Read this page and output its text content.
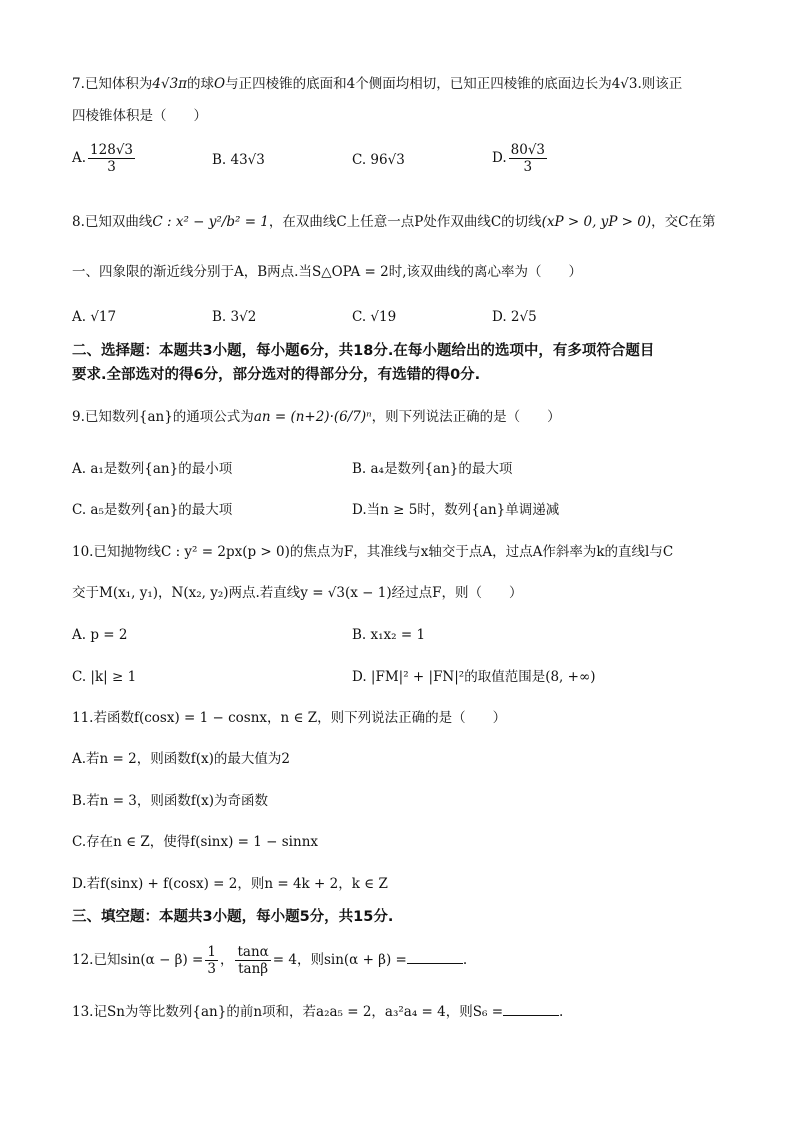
7.已知体积为4√3π的球O与正四棱锥的底面和4个侧面均相切，已知正四棱锥的底面边长为4√3.则该正
四棱锥体积是（　　）
A. $\frac{128√3}{3}$	B. 43√3	C. 96√3	D. $\frac{80√3}{3}$
8.已知双曲线C : x² − y²/b² = 1，在双曲线C上任意一点P处作双曲线C的切线(xP > 0, yP > 0)，交C在第
一、四象限的渐近线分别于A，B两点.当S△OPA = 2时,该双曲线的离心率为（　　）
A. √17	B. 3√2	C. √19	D. 2√5
二、选择题：本题共3小题，每小题6分，共18分.在每小题给出的选项中，有多项符合题目
要求.全部选对的得6分，部分选对的得部分分，有选错的得0分.
9.已知数列{an}的通项公式为an = (n+2)·(6/7)ⁿ，则下列说法正确的是（　　）
A. a₁是数列{an}的最小项	B. a₄是数列{an}的最大项
C. a₅是数列{an}的最大项	D.当n ≥ 5时，数列{an}单调递减
10.已知抛物线C : y² = 2px(p > 0)的焦点为F，其准线与x轴交于点A，过点A作斜率为k的直线l与C
交于M(x₁, y₁)，N(x₂, y₂)两点.若直线y = √3(x − 1)经过点F，则（　　）
A. p = 2	B. x₁x₂ = 1
C. |k| ≥ 1	D. |FM|² + |FN|²的取值范围是(8, +∞)
11.若函数f(cosx) = 1 − cosnx，n ∈ Z，则下列说法正确的是（　　）
A.若n = 2，则函数f(x)的最大值为2
B.若n = 3，则函数f(x)为奇函数
C.存在n ∈ Z，使得f(sinx) = 1 − sinnx
D.若f(sinx) + f(cosx) = 2，则n = 4k + 2，k ∈ Z
三、填空题：本题共3小题，每小题5分，共15分.
12.已知$\sin(\alpha - \beta) = \frac{1}{3}$ ， $\frac{\tan\alpha}{\tan\beta} = 4$，则sin(α + β) =	.
13.记Sn为等比数列{an}的前n项和，若a₂a₅ = 2，a₃²a₄ = 4，则S₆ =	.
